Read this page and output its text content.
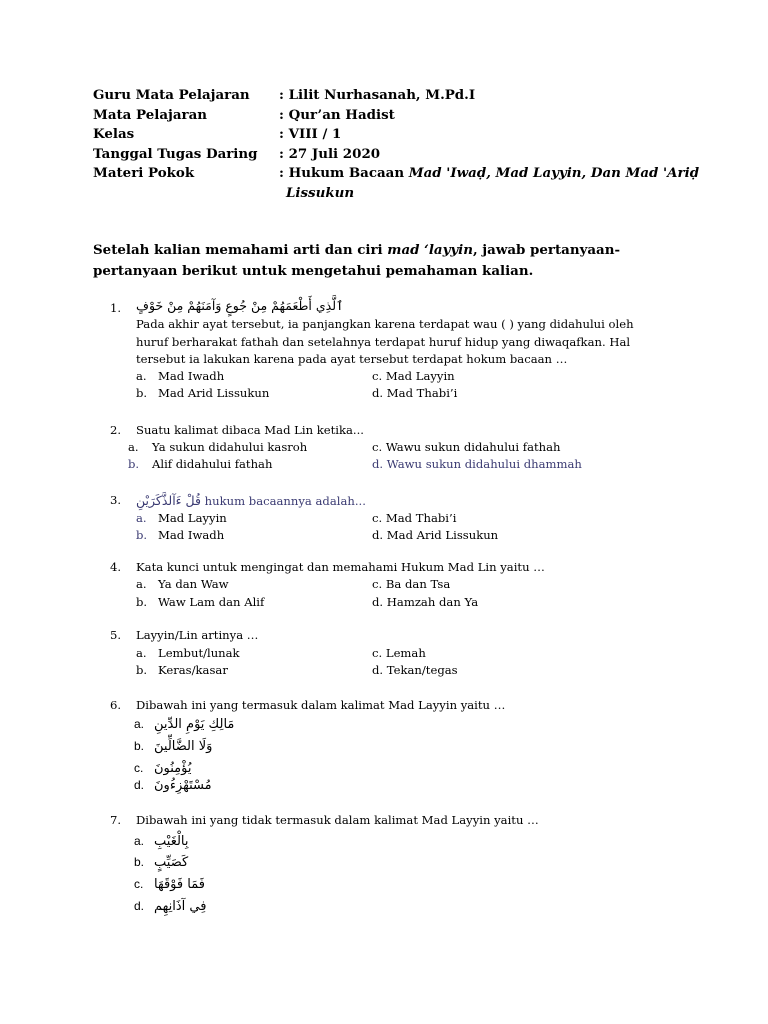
Guru Mata Pelajaran : Lilit Nurhasanah, M.Pd.I
Mata Pelajaran	: Qur’an Hadist
Kelas	: VIII / 1
Tanggal Tugas Daring : 27 Juli 2020
Materi Pokok	: Hukum Bacaan Mad 'Iwaḍ, Mad Layyin, Dan Mad 'Ariḍ
Lissukun
Setelah kalian memahami arti dan ciri mad ‘layyin, jawab pertanyaan-pertanyaan berikut untuk mengetahui pemahaman kalian.
1. ٱلَّذِي أَطْعَمَهُمْ مِنْ جُوعٍ وَآمَنَهُمْ مِنْ خَوْفٍ
Pada akhir ayat tersebut, ia panjangkan karena terdapat wau ( ) yang didahului oleh huruf berharakat fathah dan setelahnya terdapat huruf hidup yang diwaqafkan. Hal tersebut ia lakukan karena pada ayat tersebut terdapat hokum bacaan …
a. Mad Iwadh
b. Mad Arid Lissukun
c. Mad Layyin
d. Mad Thabi’i
2. Suatu kalimat dibaca Mad Lin ketika...
a. Ya sukun didahului kasroh
b. Alif didahului fathah
c. Wawu sukun didahului fathah
d. Wawu sukun didahului dhammah
3. قُلْ ءَآلذَّكَرَيْنِ hukum bacaannya adalah...
a. Mad Layyin
b. Mad Iwadh
c. Mad Thabi’i
d. Mad Arid Lissukun
4. Kata kunci untuk mengingat dan memahami Hukum Mad Lin yaitu …
a. Ya dan Waw
b. Waw Lam dan Alif
c. Ba dan Tsa
d. Hamzah dan Ya
5. Layyin/Lin artinya …
a. Lembut/lunak
b. Keras/kasar
c. Lemah
d. Tekan/tegas
6. Dibawah ini yang termasuk dalam kalimat Mad Layyin yaitu …
a. مَالِكِ يَوْمِ الدِّينِ
b. وَلَا الضَّالِّينَ
c. يُؤْمِنُونَ
d. مُسْتَهْزِءُونَ
7. Dibawah ini yang tidak termasuk dalam kalimat Mad Layyin yaitu …
a. بِالْغَيْبِ
b. كَصَيِّبٍ
c. فَمَا فَوْقَهَا
d. فِي آذَانِهِم
